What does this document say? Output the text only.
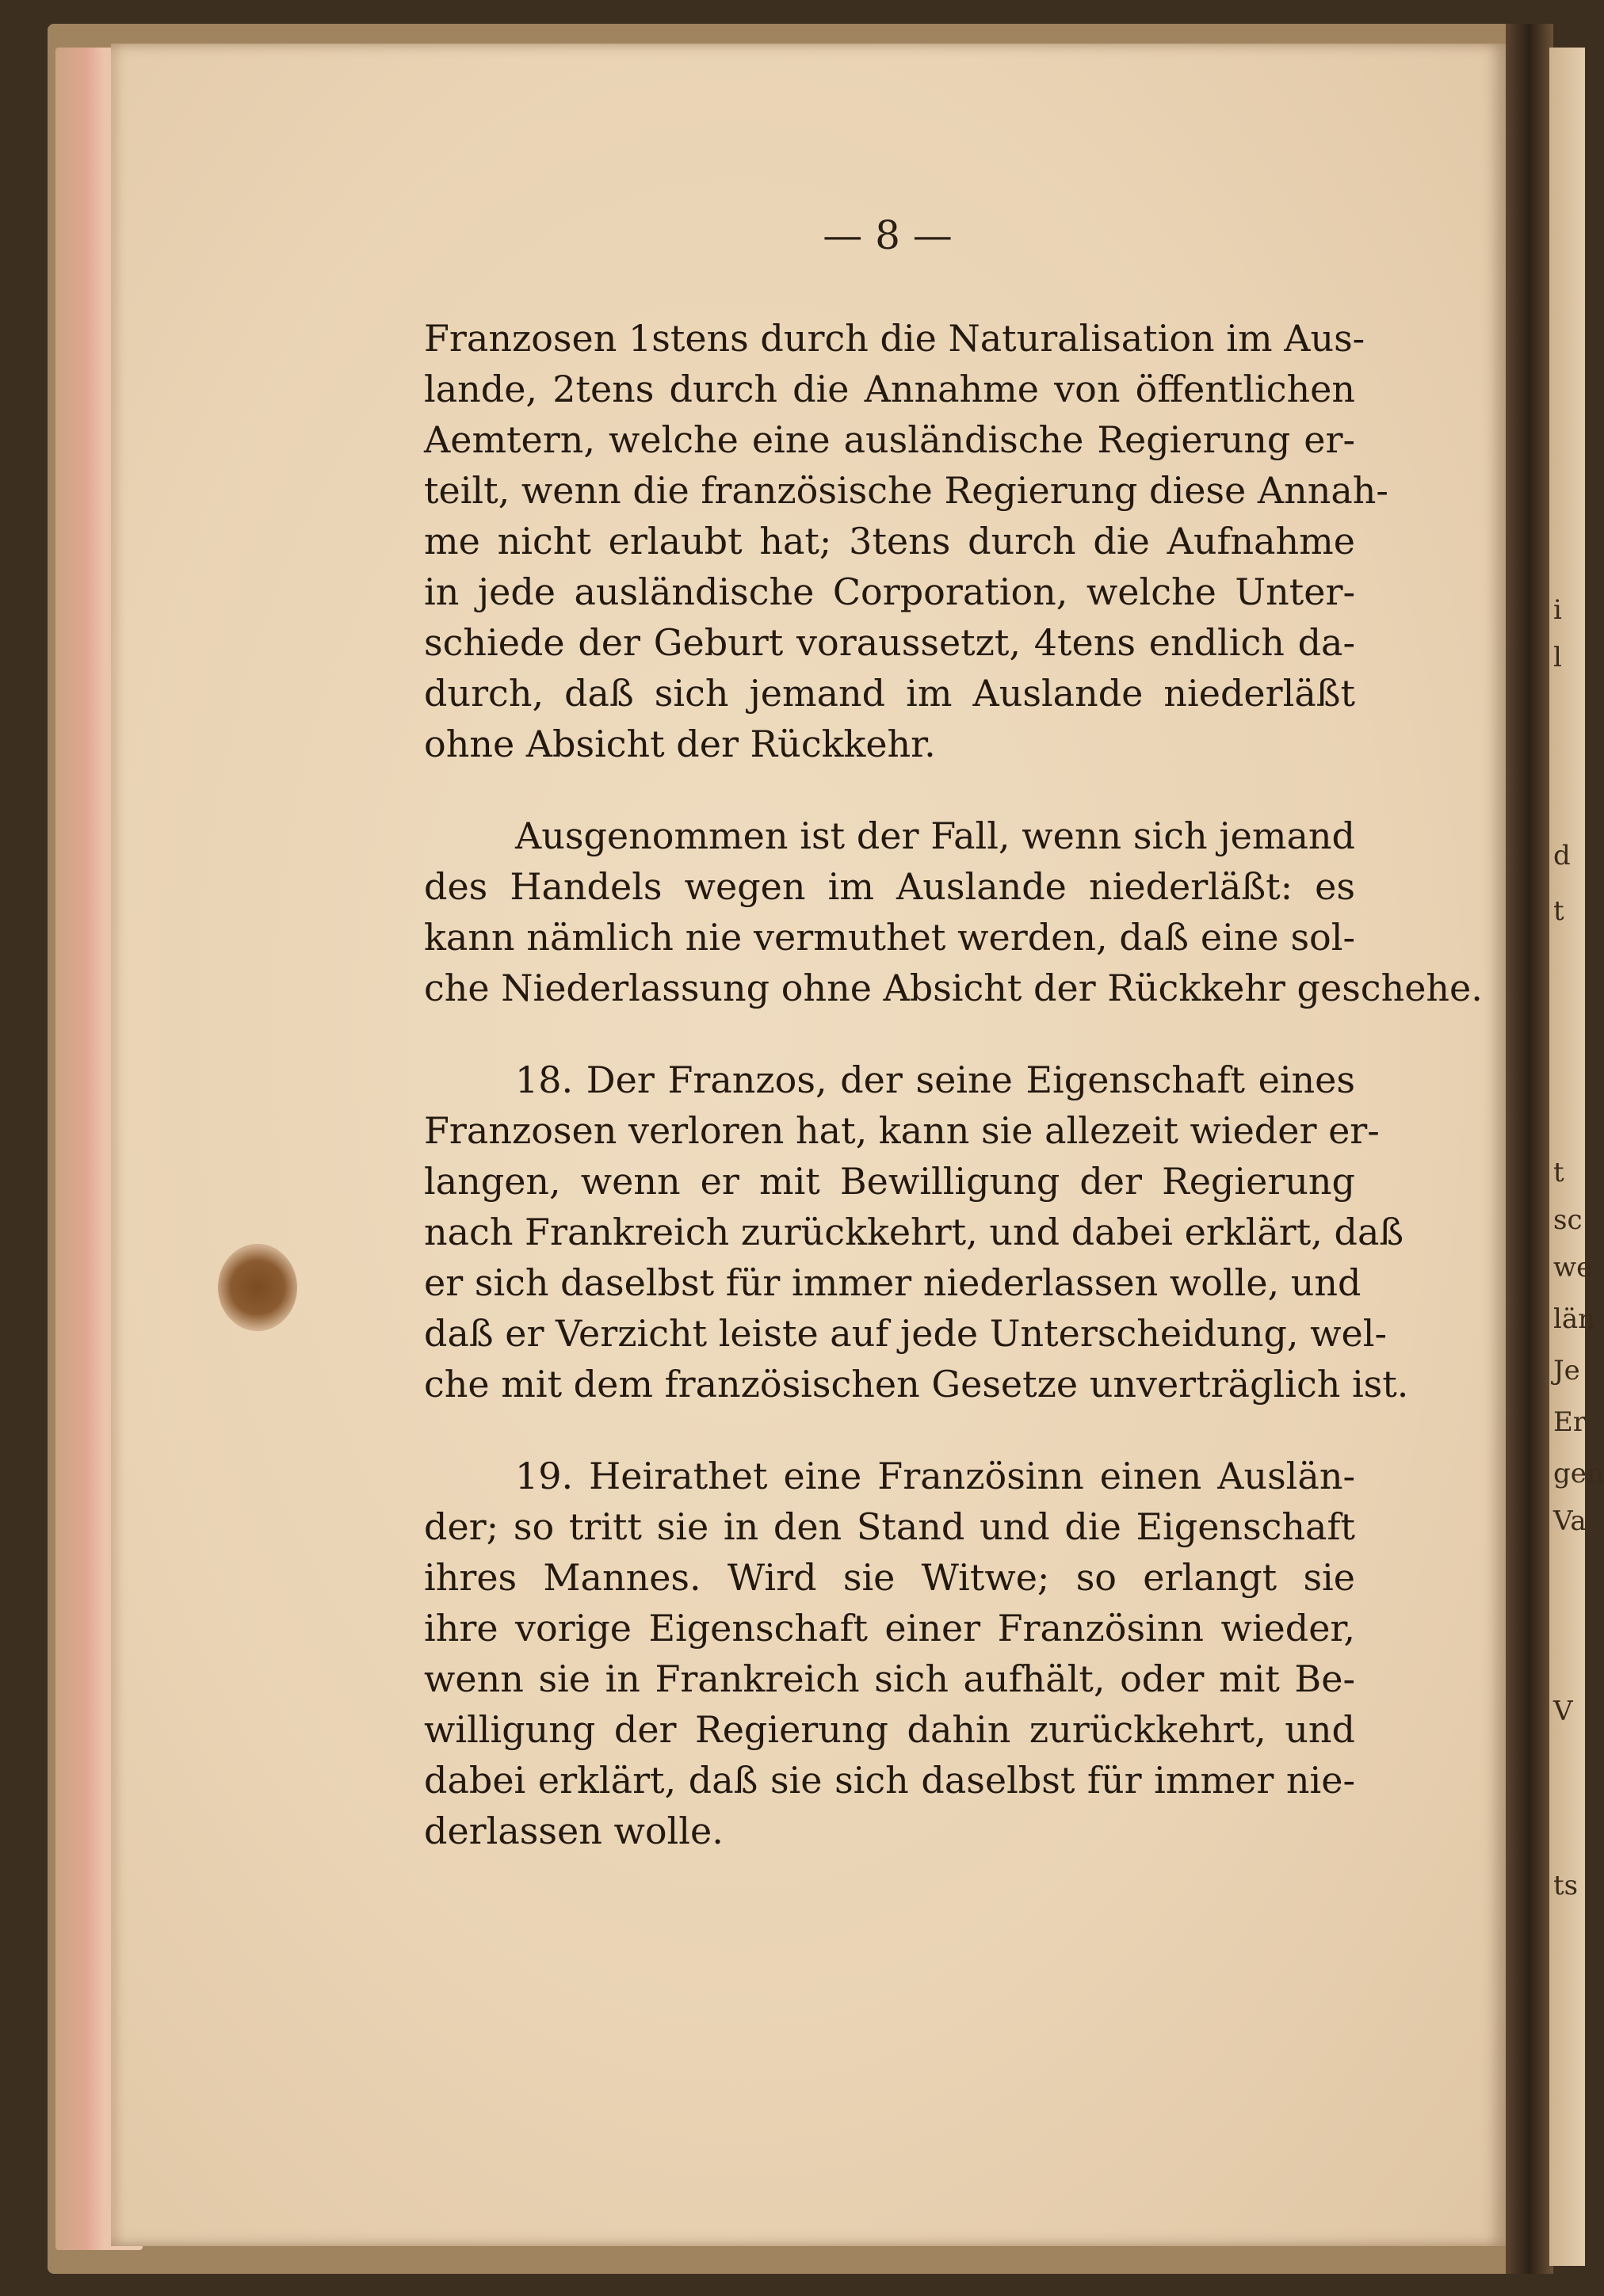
— 8 —
Franzosen 1stens durch die Naturalisation im Aus-
lande, 2tens durch die Annahme von öffentlichen
Aemtern, welche eine ausländische Regierung er-
teilt, wenn die französische Regierung diese Annah-
me nicht erlaubt hat; 3tens durch die Aufnahme
in jede ausländische Corporation, welche Unter-
schiede der Geburt voraussetzt, 4tens endlich da-
durch, daß sich jemand im Auslande niederläßt
ohne Absicht der Rückkehr.
Ausgenommen ist der Fall, wenn sich jemand
des Handels wegen im Auslande niederläßt: es
kann nämlich nie vermuthet werden, daß eine sol-
che Niederlassung ohne Absicht der Rückkehr geschehe.
18. Der Franzos, der seine Eigenschaft eines
Franzosen verloren hat, kann sie allezeit wieder er-
langen, wenn er mit Bewilligung der Regierung
nach Frankreich zurückkehrt, und dabei erklärt, daß
er sich daselbst für immer niederlassen wolle, und
daß er Verzicht leiste auf jede Unterscheidung, wel-
che mit dem französischen Gesetze unverträglich ist.
19. Heirathet eine Französinn einen Auslän-
der; so tritt sie in den Stand und die Eigenschaft
ihres Mannes. Wird sie Witwe; so erlangt sie
ihre vorige Eigenschaft einer Französinn wieder,
wenn sie in Frankreich sich aufhält, oder mit Be-
willigung der Regierung dahin zurückkehrt, und
dabei erklärt, daß sie sich daselbst für immer nie-
derlassen wolle.
i
l
d
t
t
sc
we
län
Je
Er
gen
Va
V
ts
